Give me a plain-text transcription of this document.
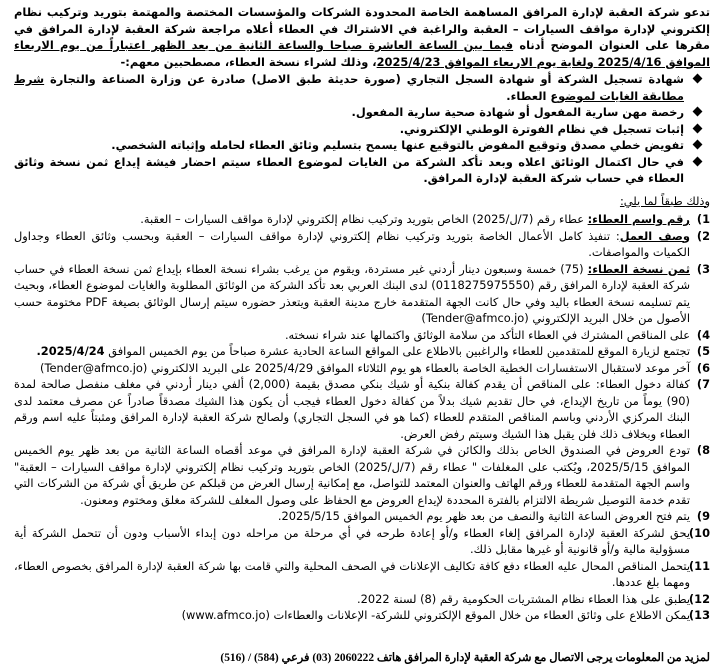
تدعو شركة العقبة لإدارة المرافق المساهمة الخاصة المحدودة الشركات والمؤسسات المختصة والمهتمة بتوريد وتركيب نظام إلكتروني لإدارة مواقف السيارات – العقبة والراغبة في الاشتراك في العطاء أعلاه مراجعة شركة العقبة لإدارة المرافق في مقرها على العنوان الموضح أدناه فيما بين الساعة العاشرة صباحا والساعة الثانية من بعد الظهر اعتباراً من يوم الاربعاء الموافق 2025/4/16 ولغاية يوم الاربعاء الموافق 2025/4/23، وذلك لشراء نسخة العطاء، مصطحبين معهم:-
شهادة تسجيل الشركة أو شهادة السجل التجاري (صورة حديثة طبق الاصل) صادرة عن وزارة الصناعة والتجارة شرط مطابقة الغايات لموضوع العطاء.
رخصة مهن سارية المفعول أو شهادة صحية سارية المفعول.
إثبات تسجيل في نظام الفوترة الوطني الإلكتروني.
تفويض خطي مصدق وتوقيع المفوض بالتوقيع عنها يسمح بتسليم وثائق العطاء لحامله وإثباته الشخصي.
في حال اكتمال الوثائق اعلاه وبعد تأكد الشركة من الغايات لموضوع العطاء سيتم احضار فيشة إيداع ثمن نسخة وثائق العطاء في حساب شركة العقبة لإدارة المرافق.
وذلك طبقاً لما يلي:
1)
رقم واسم العطاء: عطاء رقم (7/ل/2025) الخاص بتوريد وتركيب نظام إلكتروني لإدارة مواقف السيارات – العقبة.
2)
وصف العمل: تنفيذ كامل الأعمال الخاصة بتوريد وتركيب نظام إلكتروني لإدارة مواقف السيارات – العقبة وبحسب وثائق العطاء وجداول الكميات والمواصفات.
3)
ثمن نسخة العطاء: (75) خمسة وسبعون دينار أردني غير مستردة، ويقوم من يرغب بشراء نسخة العطاء بإيداع ثمن نسخة العطاء في حساب شركة العقبة لإدارة المرافق رقم (0118275975550) لدى البنك العربي بعد تأكد الشركة من الوثائق المطلوبة والغايات لموضوع العطاء، وبحيث يتم تسليمه نسخة العطاء باليد وفي حال كانت الجهة المتقدمة خارج مدينة العقبة ويتعذر حضوره سيتم إرسال الوثائق بصيغة PDF مختومة حسب الأصول من خلال البريد الإلكتروني (Tender@afmco.jo)
4)
على المناقص المشترك في العطاء التأكد من سلامة الوثائق واكتمالها عند شراء نسخته.
5)
تجتمع لزيارة الموقع للمتقدمين للعطاء والراغبين بالاطلاع على المواقع الساعة الحادية عشرة صباحاً من يوم الخميس الموافق 2025/4/24.
6)
آخر موعد لاستقبال الاستفسارات الخطية الخاصة بالعطاء هو يوم الثلاثاء الموافق 2025/4/29 على البريد الالكتروني (Tender@afmco.jo)
7)
كفالة دخول العطاء: على المناقص أن يقدم كفالة بنكية أو شيك بنكي مصدق بقيمة (2,000) ألفي دينار أردني في مغلف منفصل صالحة لمدة (90) يوماً من تاريخ الإيداع، في حال تقديم شيك بدلاً من كفالة دخول العطاء فيجب أن يكون هذا الشيك مصدقاً صادراً عن مصرف معتمد لدى البنك المركزي الأردني وباسم المناقص المتقدم للعطاء (كما هو في السجل التجاري) ولصالح شركة العقبة لإدارة المرافق ومثبتاً عليه اسم ورقم العطاء وبخلاف ذلك فلن يقبل هذا الشيك وسيتم رفض العرض.
8)
تودع العروض في الصندوق الخاص بذلك والكائن في شركة العقبة لإدارة المرافق في موعد أقصاه الساعة الثانية من بعد ظهر يوم الخميس الموافق 2025/5/15، ويُكتب على المغلفات " عطاء رقم (7/ل/2025) الخاص بتوريد وتركيب نظام إلكتروني لإدارة مواقف السيارات – العقبة" واسم الجهة المتقدمة للعطاء ورقم الهاتف والعنوان المعتمد للتواصل، مع إمكانية إرسال العرض من قبلكم عن طريق أي شركة من الشركات التي تقدم خدمة التوصيل شريطة الالتزام بالفترة المحددة لإيداع العروض مع الحفاظ على وصول المغلف للشركة مغلق ومختوم ومعنون.
9)
يتم فتح العروض الساعة الثانية والنصف من بعد ظهر يوم الخميس الموافق 2025/5/15.
10)
يحق لشركة العقبة لإدارة المرافق إلغاء العطاء و/أو إعادة طرحه في أي مرحلة من مراحله دون إبداء الأسباب ودون أن تتحمل الشركة أية مسؤولية مالية و/أو قانونية أو غيرها مقابل ذلك.
11)
يتحمل المناقص المحال عليه العطاء دفع كافة تكاليف الإعلانات في الصحف المحلية والتي قامت بها شركة العقبة لإدارة المرافق بخصوص العطاء، ومهما بلغ عددها.
12)
يطبق على هذا العطاء نظام المشتريات الحكومية رقم (8) لسنة 2022.
13)
يمكن الاطلاع على وثائق العطاء من خلال الموقع الإلكتروني للشركة- الإعلانات والعطاءات (www.afmco.jo)
لمزيد من المعلومات يرجى الاتصال مع شركة العقبة لإدارة المرافق هاتف 2060222 (03) فرعي (584) / (516)
